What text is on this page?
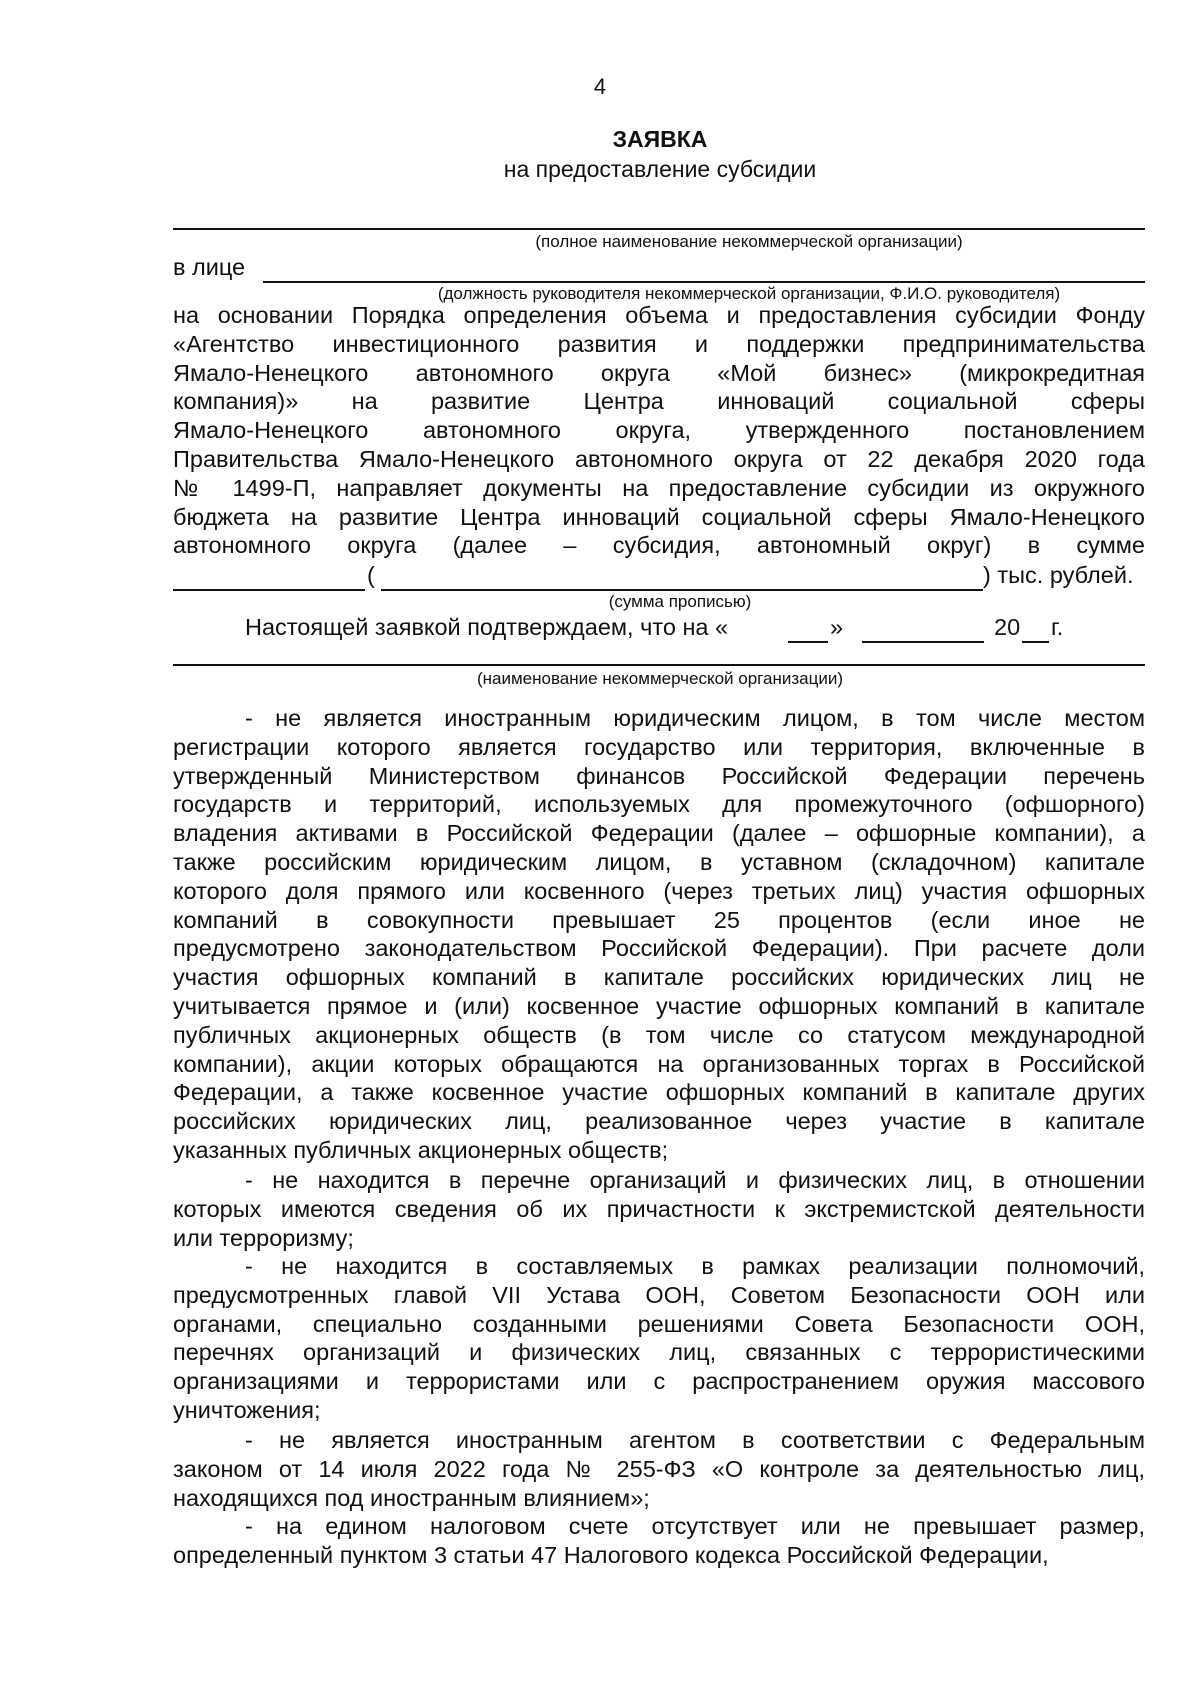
4
ЗАЯВКА
на предоставление субсидии
(полное наименование некоммерческой организации)
в лице
(должность руководителя некоммерческой организации, Ф.И.О. руководителя)
на основании Порядка определения объема и предоставления субсидии Фонду
«Агентство инвестиционного развития и поддержки предпринимательства
Ямало-Ненецкого автономного округа «Мой бизнес» (микрокредитная
компания)» на развитие Центра инноваций социальной сферы
Ямало-Ненецкого автономного округа, утвержденного постановлением
Правительства Ямало-Ненецкого автономного округа от 22 декабря 2020 года
№ 1499-П, направляет документы на предоставление субсидии из окружного
бюджета на развитие Центра инноваций социальной сферы Ямало-Ненецкого
автономного округа (далее – субсидия, автономный округ) в сумме
(	) тыс. рублей.
(сумма прописью)
Настоящей заявкой подтверждаем, что на «	»	20 г.
(наименование некоммерческой организации)
- не является иностранным юридическим лицом, в том числе местом
регистрации которого является государство или территория, включенные в
утвержденный Министерством финансов Российской Федерации перечень
государств и территорий, используемых для промежуточного (офшорного)
владения активами в Российской Федерации (далее – офшорные компании), а
также российским юридическим лицом, в уставном (складочном) капитале
которого доля прямого или косвенного (через третьих лиц) участия офшорных
компаний в совокупности превышает 25 процентов (если иное не
предусмотрено законодательством Российской Федерации). При расчете доли
участия офшорных компаний в капитале российских юридических лиц не
учитывается прямое и (или) косвенное участие офшорных компаний в капитале
публичных акционерных обществ (в том числе со статусом международной
компании), акции которых обращаются на организованных торгах в Российской
Федерации, а также косвенное участие офшорных компаний в капитале других
российских юридических лиц, реализованное через участие в капитале
указанных публичных акционерных обществ;
- не находится в перечне организаций и физических лиц, в отношении
которых имеются сведения об их причастности к экстремистской деятельности
или терроризму;
- не находится в составляемых в рамках реализации полномочий,
предусмотренных главой VII Устава ООН, Советом Безопасности ООН или
органами, специально созданными решениями Совета Безопасности ООН,
перечнях организаций и физических лиц, связанных с террористическими
организациями и террористами или с распространением оружия массового
уничтожения;
- не является иностранным агентом в соответствии с Федеральным
законом от 14 июля 2022 года № 255-ФЗ «О контроле за деятельностью лиц,
находящихся под иностранным влиянием»;
- на едином налоговом счете отсутствует или не превышает размер,
определенный пунктом 3 статьи 47 Налогового кодекса Российской Федерации,
